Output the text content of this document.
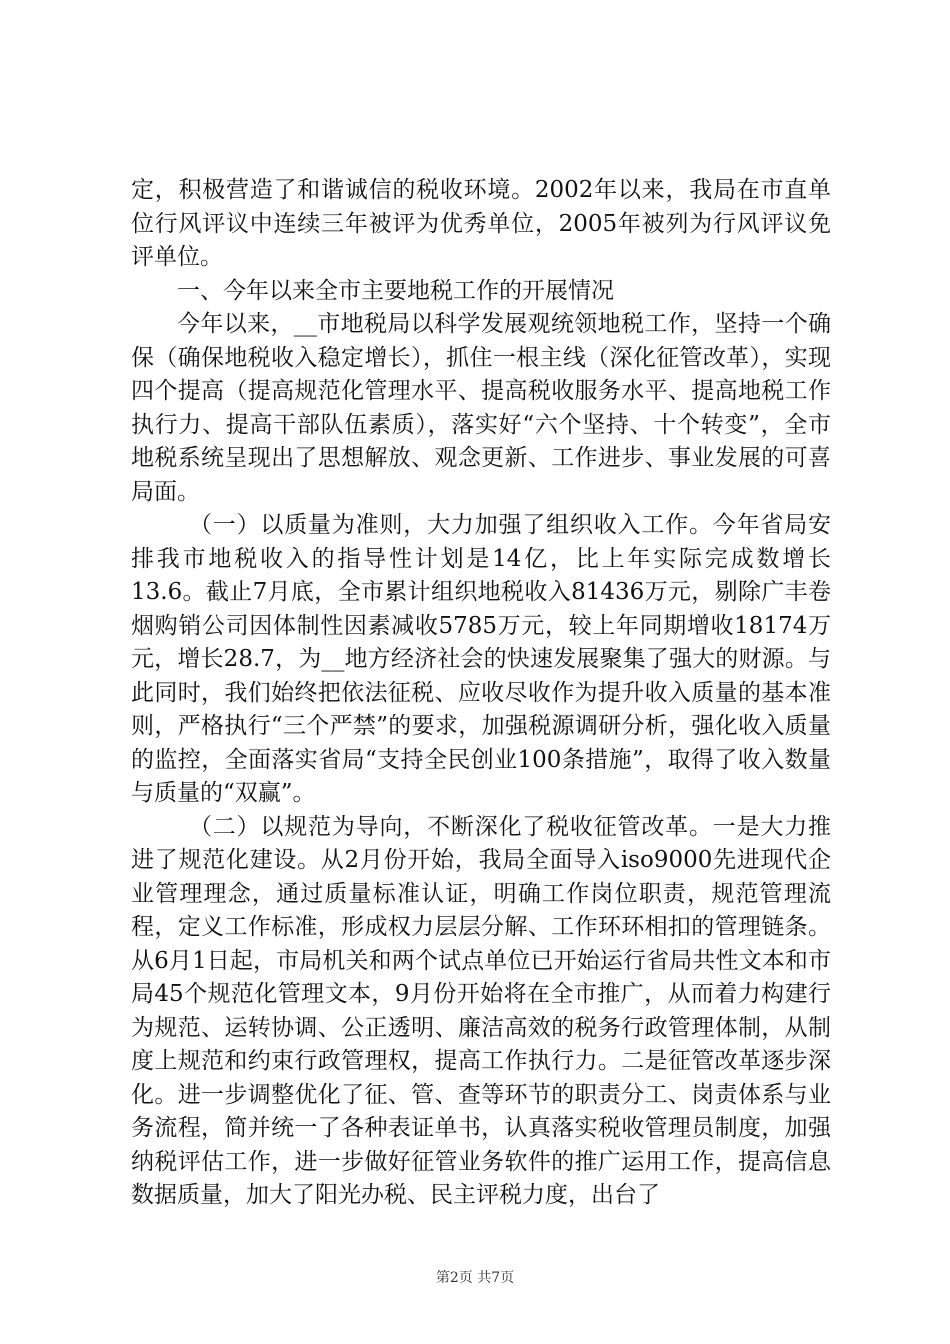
定，积极营造了和谐诚信的税收环境。2002年以来，我局在市直单位行风评议中连续三年被评为优秀单位，2005年被列为行风评议免评单位。

一、今年以来全市主要地税工作的开展情况

今年以来，__市地税局以科学发展观统领地税工作，坚持一个确保（确保地税收入稳定增长），抓住一根主线（深化征管改革），实现四个提高（提高规范化管理水平、提高税收服务水平、提高地税工作执行力、提高干部队伍素质），落实好“六个坚持、十个转变”，全市地税系统呈现出了思想解放、观念更新、工作进步、事业发展的可喜局面。

（一）以质量为准则，大力加强了组织收入工作。今年省局安排我市地税收入的指导性计划是14亿，比上年实际完成数增长13.6。截止7月底，全市累计组织地税收入81436万元，剔除广丰卷烟购销公司因体制性因素减收5785万元，较上年同期增收18174万元，增长28.7，为__地方经济社会的快速发展聚集了强大的财源。与此同时，我们始终把依法征税、应收尽收作为提升收入质量的基本准则，严格执行“三个严禁”的要求，加强税源调研分析，强化收入质量的监控，全面落实省局“支持全民创业100条措施”，取得了收入数量与质量的“双赢”。

（二）以规范为导向，不断深化了税收征管改革。一是大力推进了规范化建设。从2月份开始，我局全面导入iso9000先进现代企业管理理念，通过质量标准认证，明确工作岗位职责，规范管理流程，定义工作标准，形成权力层层分解、工作环环相扣的管理链条。从6月1日起，市局机关和两个试点单位已开始运行省局共性文本和市局45个规范化管理文本，9月份开始将在全市推广，从而着力构建行为规范、运转协调、公正透明、廉洁高效的税务行政管理体制，从制度上规范和约束行政管理权，提高工作执行力。二是征管改革逐步深化。进一步调整优化了征、管、查等环节的职责分工、岗责体系与业务流程，简并统一了各种表证单书，认真落实税收管理员制度，加强纳税评估工作，进一步做好征管业务软件的推广运用工作，提高信息数据质量，加大了阳光办税、民主评税力度，出台了

第2页 共7页
